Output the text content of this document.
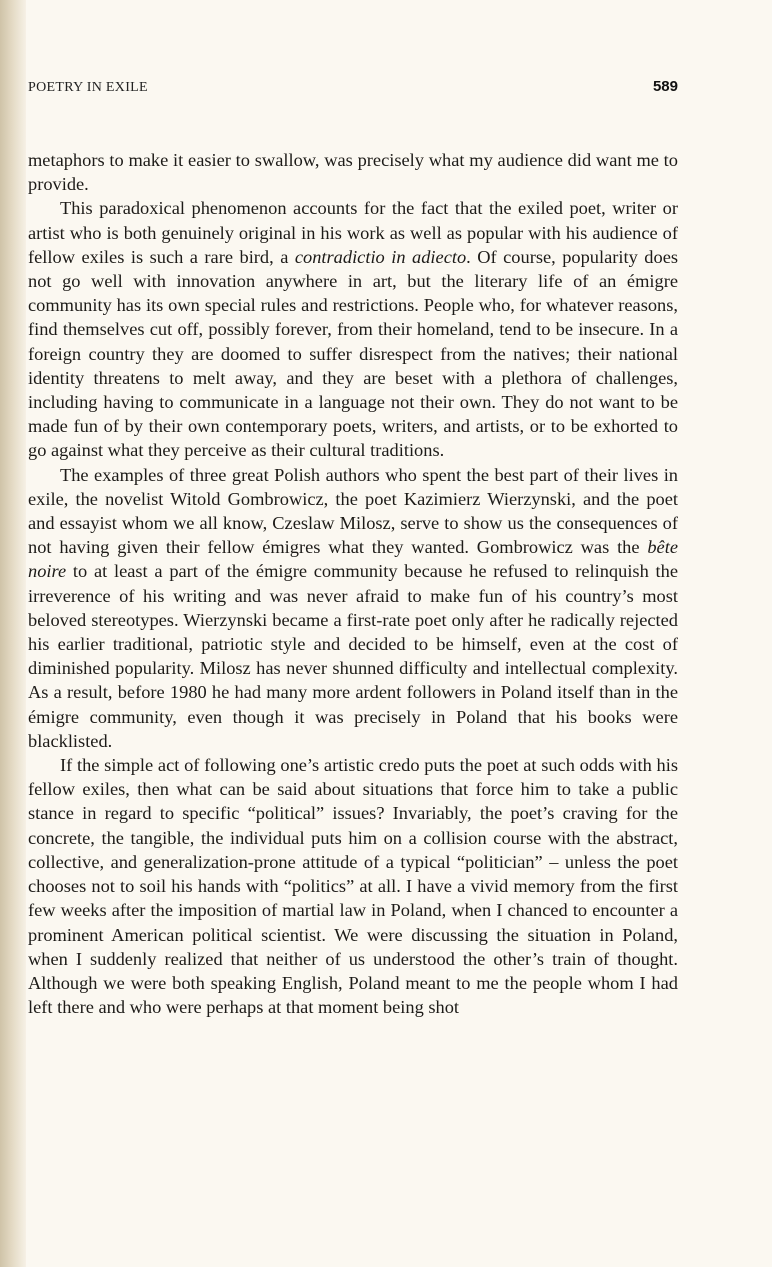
POETRY IN EXILE	589

metaphors to make it easier to swallow, was precisely what my audience did want me to provide.

This paradoxical phenomenon accounts for the fact that the exiled poet, writer or artist who is both genuinely original in his work as well as popular with his audience of fellow exiles is such a rare bird, a contradictio in adiecto. Of course, popularity does not go well with innovation anywhere in art, but the literary life of an émigre community has its own special rules and restrictions. People who, for whatever reasons, find themselves cut off, possibly forever, from their homeland, tend to be insecure. In a foreign country they are doomed to suffer disrespect from the natives; their national identity threatens to melt away, and they are beset with a plethora of challenges, including having to communicate in a language not their own. They do not want to be made fun of by their own contemporary poets, writers, and artists, or to be exhorted to go against what they perceive as their cultural traditions.

The examples of three great Polish authors who spent the best part of their lives in exile, the novelist Witold Gombrowicz, the poet Kazimierz Wierzynski, and the poet and essayist whom we all know, Czeslaw Milosz, serve to show us the consequences of not having given their fellow émigres what they wanted. Gombrowicz was the bête noire to at least a part of the émigre community because he refused to relinquish the irreverence of his writing and was never afraid to make fun of his country’s most beloved stereotypes. Wierzynski became a first-rate poet only after he radically rejected his earlier traditional, patriotic style and decided to be himself, even at the cost of diminished popularity. Milosz has never shunned difficulty and intellectual complexity. As a result, before 1980 he had many more ardent followers in Poland itself than in the émigre community, even though it was precisely in Poland that his books were blacklisted.

If the simple act of following one’s artistic credo puts the poet at such odds with his fellow exiles, then what can be said about situations that force him to take a public stance in regard to specific “political” issues? Invariably, the poet’s craving for the concrete, the tangible, the individual puts him on a collision course with the abstract, collective, and generalization-prone attitude of a typical “politician” – unless the poet chooses not to soil his hands with “politics” at all. I have a vivid memory from the first few weeks after the imposition of martial law in Poland, when I chanced to encounter a prominent American political scientist. We were discussing the situation in Poland, when I suddenly realized that neither of us understood the other’s train of thought. Although we were both speaking English, Poland meant to me the people whom I had left there and who were perhaps at that moment being shot
